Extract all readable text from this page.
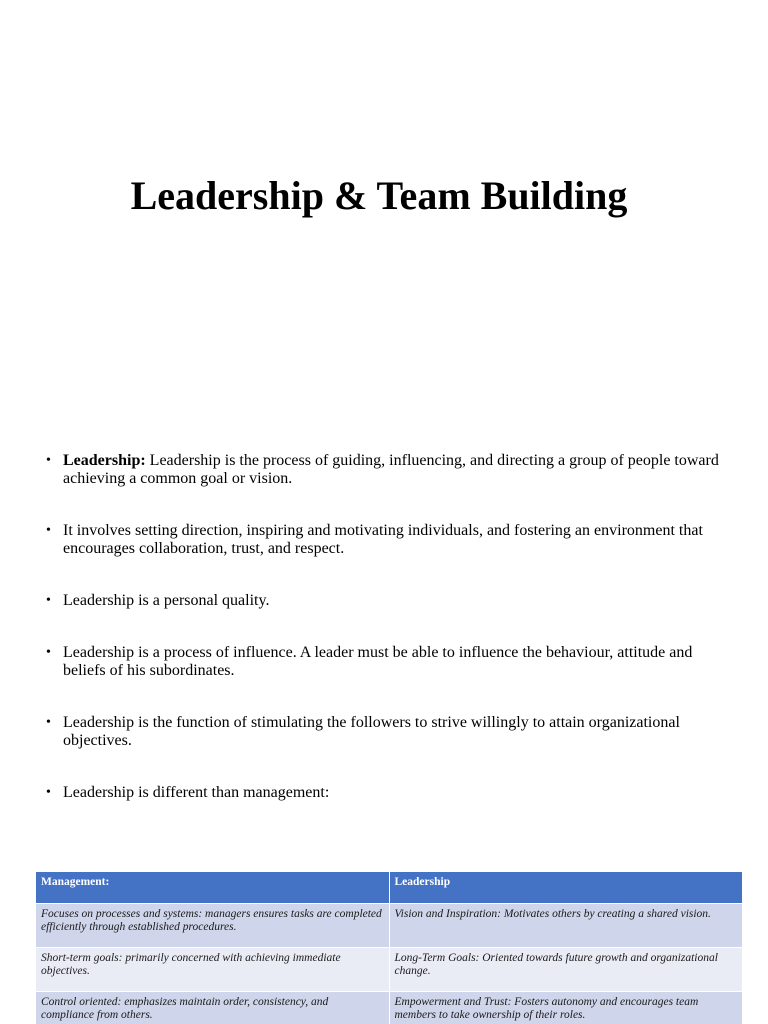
Leadership & Team Building
• Leadership: Leadership is the process of guiding, influencing, and directing a group of people toward achieving a common goal or vision.
• It involves setting direction, inspiring and motivating individuals, and fostering an environment that encourages collaboration, trust, and respect.
• Leadership is a personal quality.
• Leadership is a process of influence. A leader must be able to influence the behaviour, attitude and beliefs of his subordinates.
• Leadership is the function of stimulating the followers to strive willingly to attain organizational objectives.
• Leadership is different than management:
Management:	Leadership
Focuses on processes and systems: managers ensures tasks are completed efficiently through established procedures.	Vision and Inspiration: Motivates others by creating a shared vision.
Short-term goals: primarily concerned with achieving immediate objectives.	Long-Term Goals: Oriented towards future growth and organizational change.
Control oriented: emphasizes maintain order, consistency, and compliance from others.	Empowerment and Trust: Fosters autonomy and encourages team members to take ownership of their roles.
